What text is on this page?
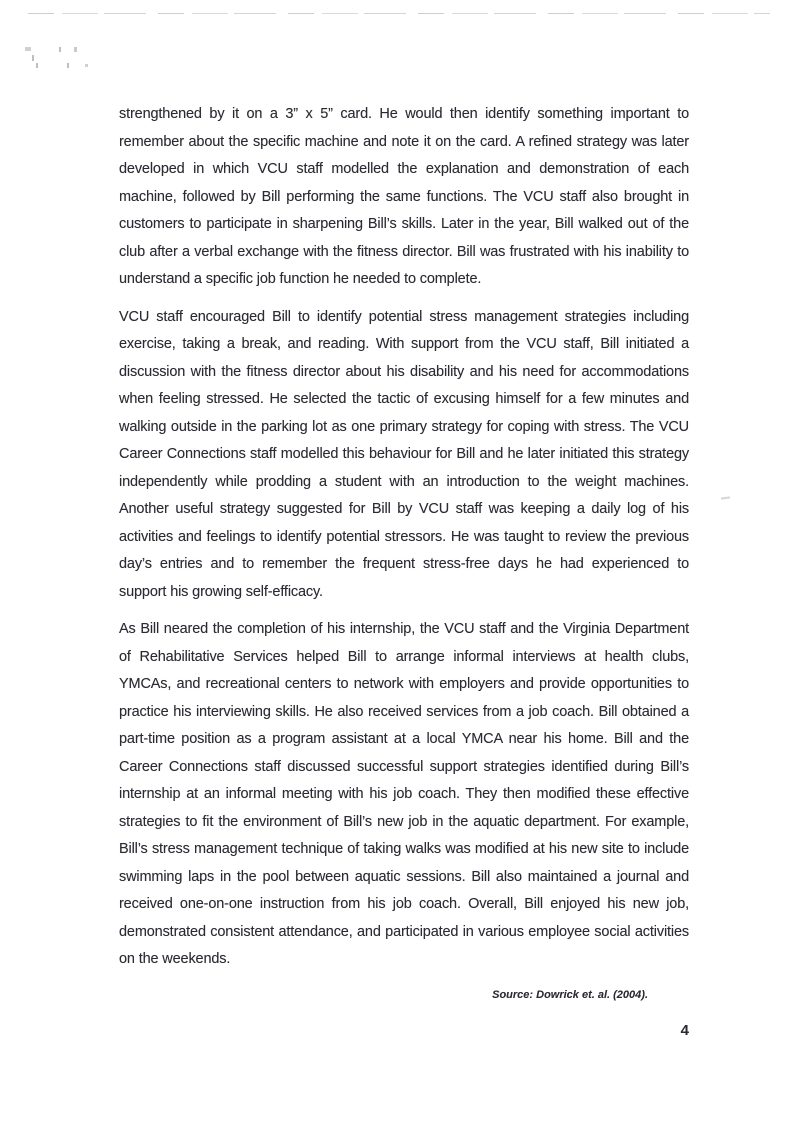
strengthened by it on a 3” x 5” card. He would then identify something important to remember about the specific machine and note it on the card. A refined strategy was later developed in which VCU staff modelled the explanation and demonstration of each machine, followed by Bill performing the same functions. The VCU staff also brought in customers to participate in sharpening Bill’s skills. Later in the year, Bill walked out of the club after a verbal exchange with the fitness director. Bill was frustrated with his inability to understand a specific job function he needed to complete.

VCU staff encouraged Bill to identify potential stress management strategies including exercise, taking a break, and reading. With support from the VCU staff, Bill initiated a discussion with the fitness director about his disability and his need for accommodations when feeling stressed. He selected the tactic of excusing himself for a few minutes and walking outside in the parking lot as one primary strategy for coping with stress. The VCU Career Connections staff modelled this behaviour for Bill and he later initiated this strategy independently while prodding a student with an introduction to the weight machines. Another useful strategy suggested for Bill by VCU staff was keeping a daily log of his activities and feelings to identify potential stressors. He was taught to review the previous day’s entries and to remember the frequent stress-free days he had experienced to support his growing self-efficacy.

As Bill neared the completion of his internship, the VCU staff and the Virginia Department of Rehabilitative Services helped Bill to arrange informal interviews at health clubs, YMCAs, and recreational centers to network with employers and provide opportunities to practice his interviewing skills. He also received services from a job coach. Bill obtained a part-time position as a program assistant at a local YMCA near his home. Bill and the Career Connections staff discussed successful support strategies identified during Bill’s internship at an informal meeting with his job coach. They then modified these effective strategies to fit the environment of Bill’s new job in the aquatic department. For example, Bill’s stress management technique of taking walks was modified at his new site to include swimming laps in the pool between aquatic sessions. Bill also maintained a journal and received one-on-one instruction from his job coach. Overall, Bill enjoyed his new job, demonstrated consistent attendance, and participated in various employee social activities on the weekends.

Source: Dowrick et. al. (2004).

4
